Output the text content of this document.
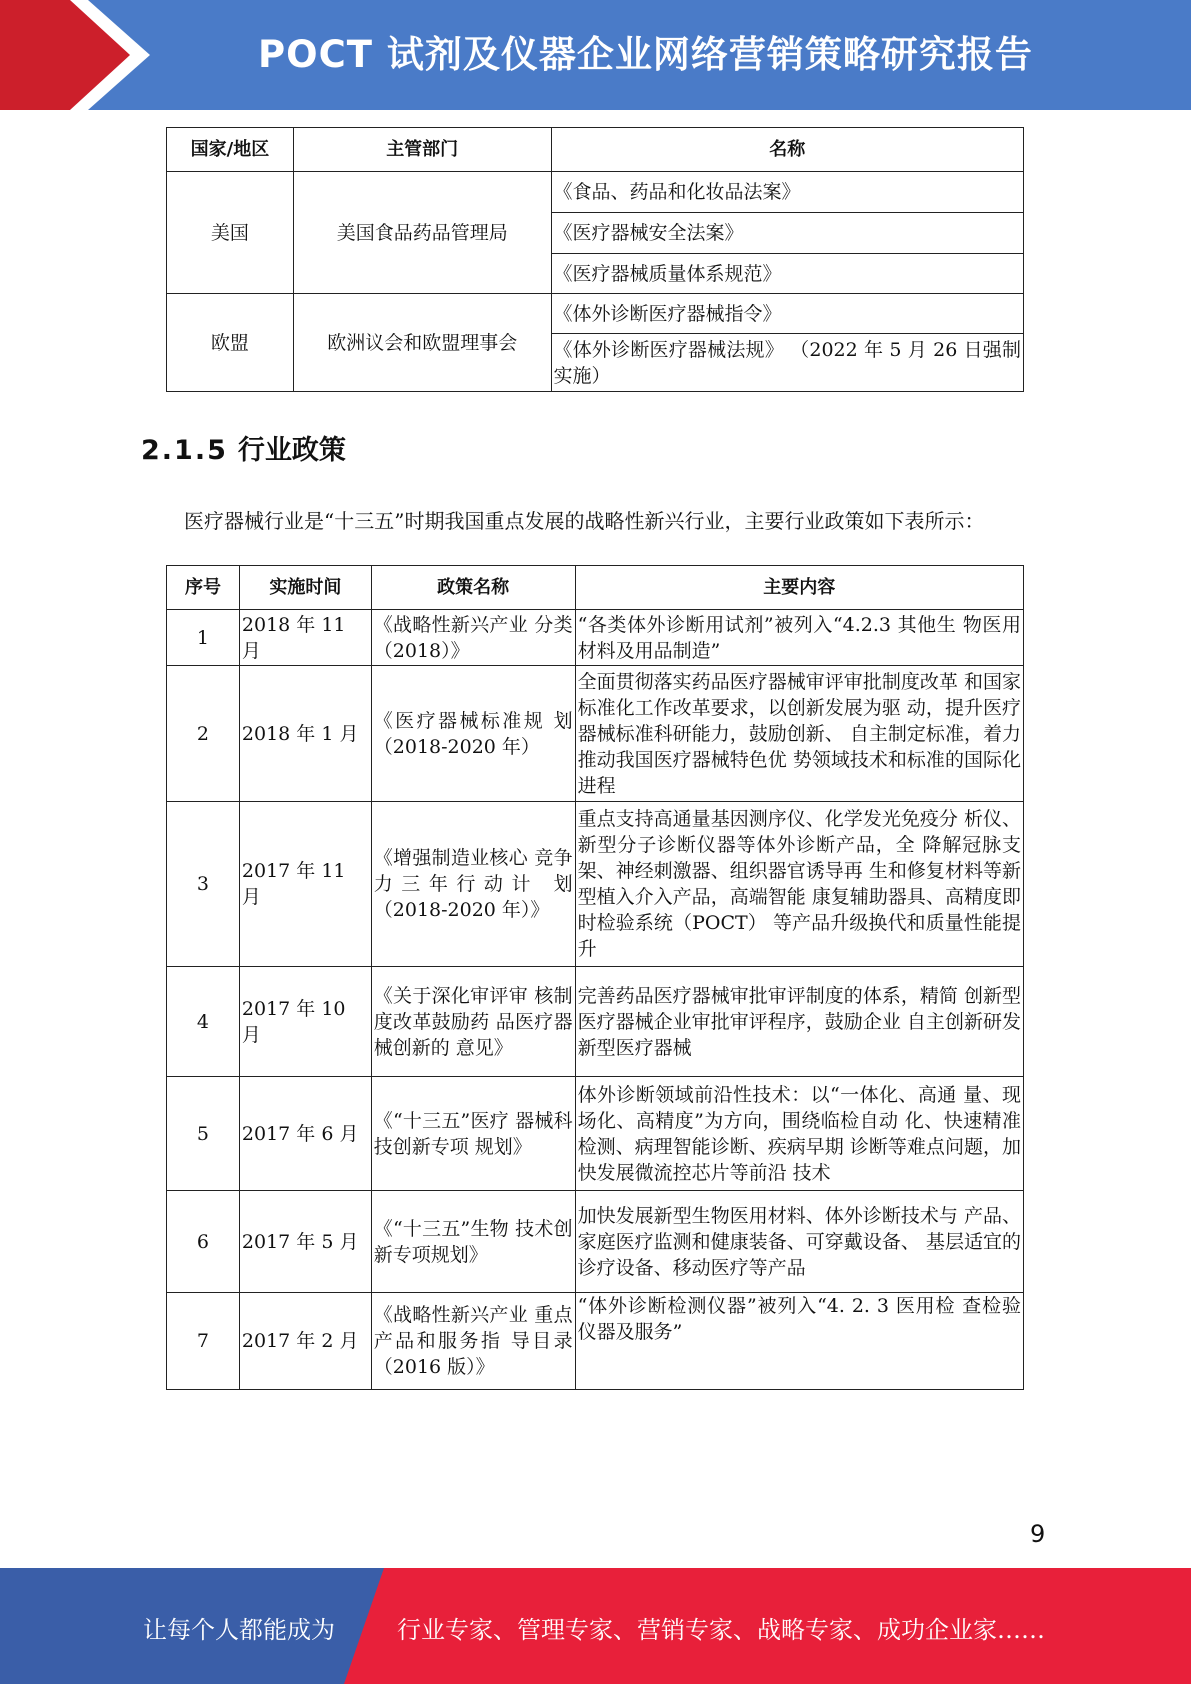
POCT 试剂及仪器企业网络营销策略研究报告
国家/地区	主管部门	名称
美国	美国食品药品管理局	《食品、药品和化妆品法案》
		《医疗器械安全法案》
		《医疗器械质量体系规范》
欧盟	欧洲议会和欧盟理事会	《体外诊断医疗器械指令》
		《体外诊断医疗器械法规》 （2022 年 5 月 26 日强制实施）
2.1.5 行业政策
医疗器械行业是“十三五”时期我国重点发展的战略性新兴行业，主要行业政策如下表所示：
序号	实施时间	政策名称	主要内容
1	2018 年 11 月	《战略性新兴产业 分类（2018）》	“各类体外诊断用试剂”被列入“4.2.3 其他生 物医用材料及用品制造”
2	2018 年 1 月	《医疗器械标准规 划（2018-2020 年）	全面贯彻落实药品医疗器械审评审批制度改革 和国家标准化工作改革要求，以创新发展为驱 动，提升医疗器械标准科研能力，鼓励创新、 自主制定标准，着力推动我国医疗器械特色优 势领域技术和标准的国际化进程
3	2017 年 11 月	《增强制造业核心 竞争力三年行动计 划（2018-2020 年）》	重点支持高通量基因测序仪、化学发光免疫分 析仪、新型分子诊断仪器等体外诊断产品，全 降解冠脉支架、神经刺激器、组织器官诱导再 生和修复材料等新型植入介入产品，高端智能 康复辅助器具、高精度即时检验系统（POCT） 等产品升级换代和质量性能提升
4	2017 年 10 月	《关于深化审评审 核制度改革鼓励药 品医疗器械创新的 意见》	完善药品医疗器械审批审评制度的体系，精简 创新型医疗器械企业审批审评程序，鼓励企业 自主创新研发新型医疗器械
5	2017 年 6 月	《“十三五”医疗 器械科技创新专项 规划》	体外诊断领域前沿性技术：以“一体化、高通 量、现场化、高精度”为方向，围绕临检自动 化、快速精准检测、病理智能诊断、疾病早期 诊断等难点问题，加快发展微流控芯片等前沿 技术
6	2017 年 5 月	《“十三五”生物 技术创新专项规划》	加快发展新型生物医用材料、体外诊断技术与 产品、家庭医疗监测和健康装备、可穿戴设备、 基层适宜的诊疗设备、移动医疗等产品
7	2017 年 2 月	《战略性新兴产业 重点产品和服务指 导目录（2016 版）》	“体外诊断检测仪器”被列入“4. 2. 3 医用检 查检验仪器及服务”
9
让每个人都能成为	行业专家、管理专家、营销专家、战略专家、成功企业家……
